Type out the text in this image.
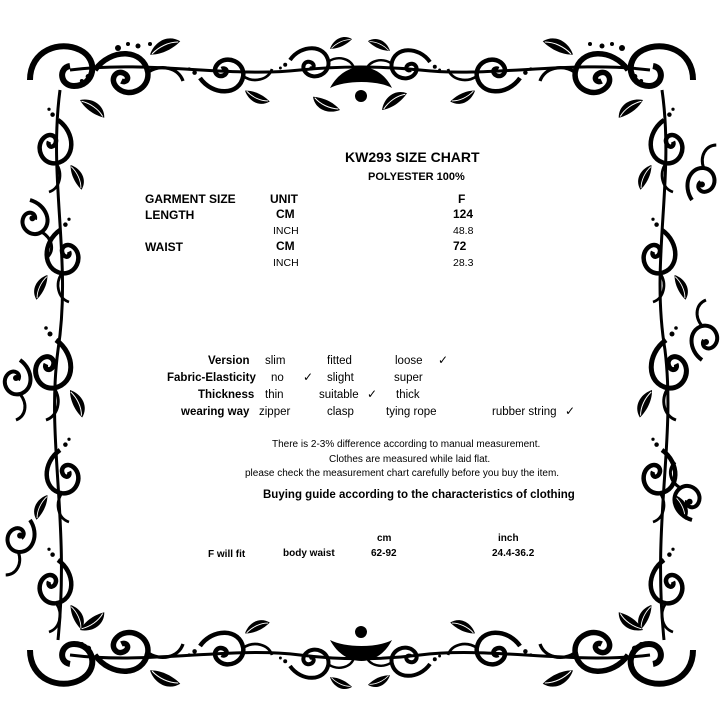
KW293 SIZE CHART
POLYESTER 100%
GARMENT SIZE	UNIT	F
LENGTH	CM	124
INCH	48.8
WAIST	CM	72
INCH	28.3
Version slim	fitted	loose ✓
Fabric-Elasticity no ✓ slight	super
Thickness thin	suitable ✓ thick
wearing way zipper	clasp	tying rope	rubber string ✓
There is 2-3% difference according to manual measurement.
Clothes are measured while laid flat.
please check the measurement chart carefully before you buy the item.
Buying guide according to the characteristics of clothing
cm	inch
F will fit	body waist	62-92	24.4-36.2
